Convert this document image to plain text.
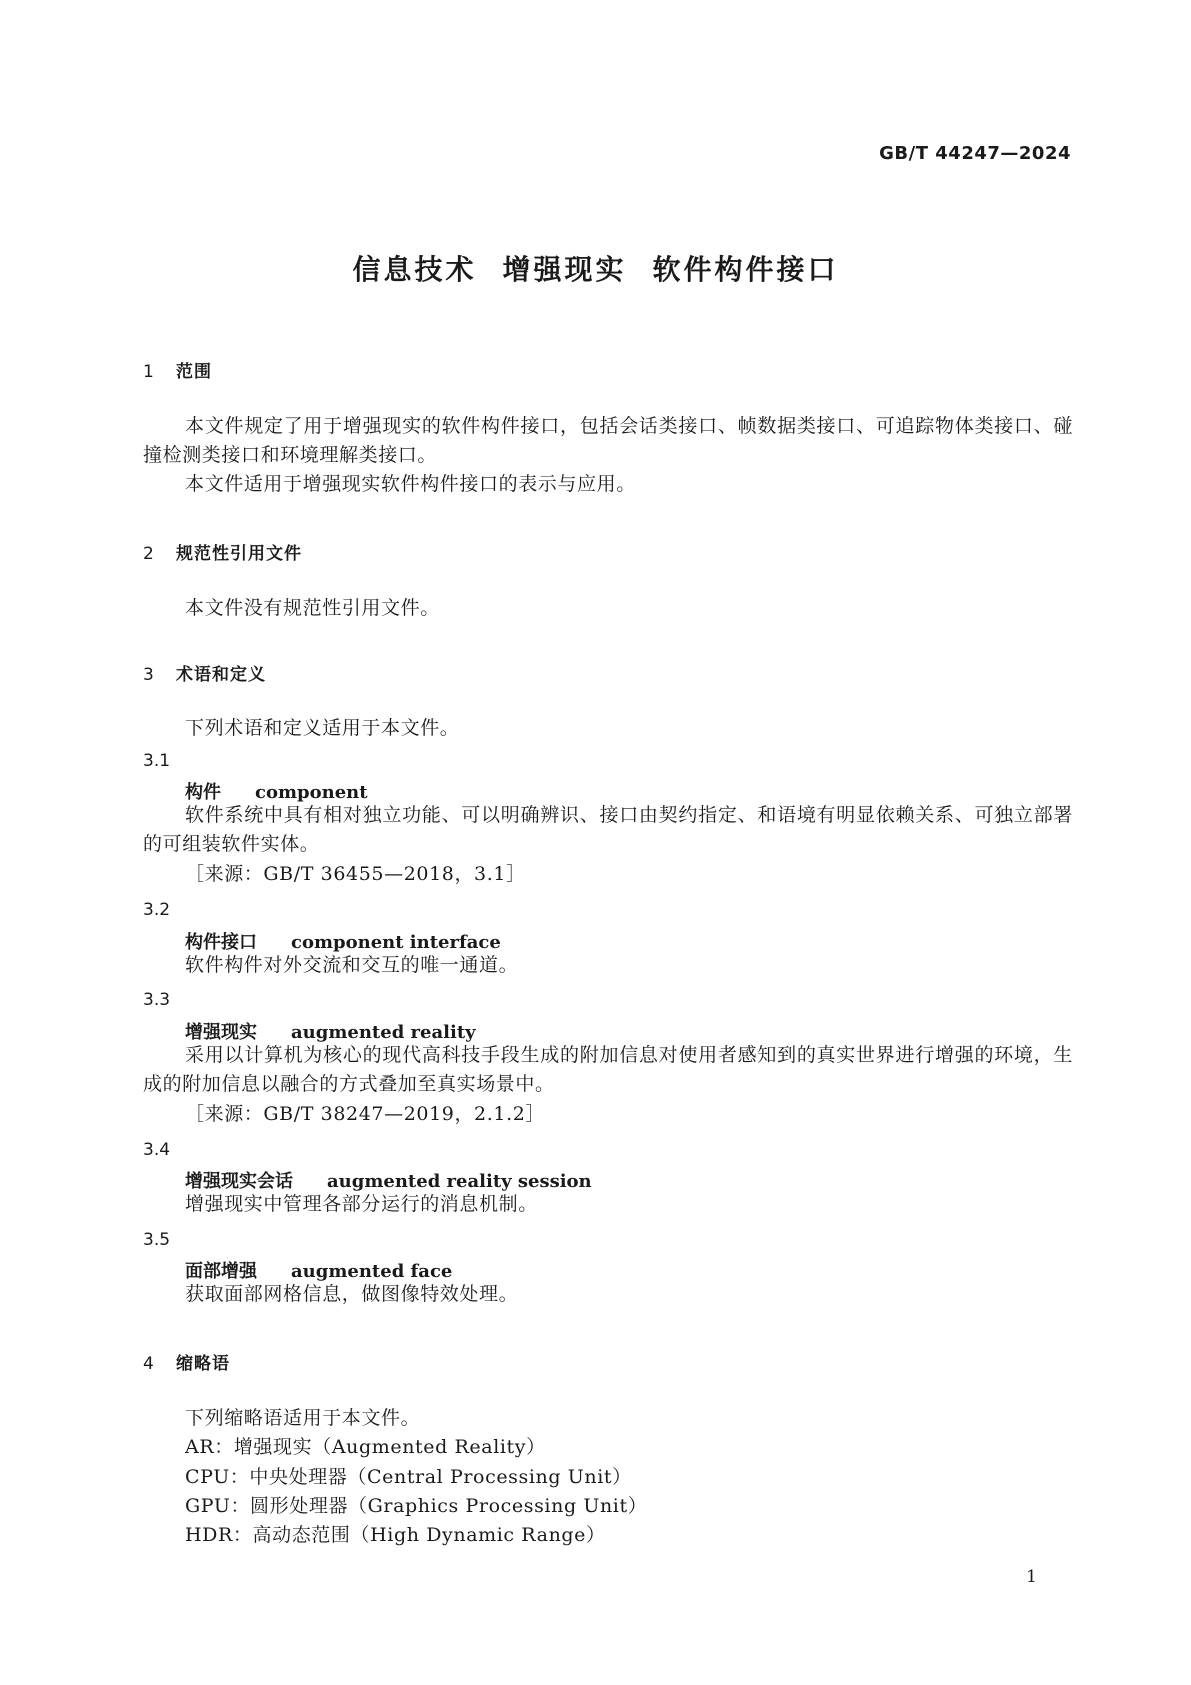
GB/T 44247—2024
信息技术 增强现实 软件构件接口
1 范围

本文件规定了用于增强现实的软件构件接口，包括会话类接口、帧数据类接口、可追踪物体类接口、碰撞检测类接口和环境理解类接口。

本文件适用于增强现实软件构件接口的表示与应用。

2 规范性引用文件

本文件没有规范性引用文件。

3 术语和定义

下列术语和定义适用于本文件。

3.1
构件 component

软件系统中具有相对独立功能、可以明确辨识、接口由契约指定、和语境有明显依赖关系、可独立部署的可组装软件实体。

［来源：GB/T 36455—2018，3.1］

3.2
构件接口 component interface

软件构件对外交流和交互的唯一通道。

3.3
增强现实 augmented reality

采用以计算机为核心的现代高科技手段生成的附加信息对使用者感知到的真实世界进行增强的环境，生成的附加信息以融合的方式叠加至真实场景中。

［来源：GB/T 38247—2019，2.1.2］

3.4
增强现实会话 augmented reality session

增强现实中管理各部分运行的消息机制。

3.5
面部增强 augmented face

获取面部网格信息，做图像特效处理。

4 缩略语

下列缩略语适用于本文件。

AR：增强现实（Augmented Reality）

CPU：中央处理器（Central Processing Unit）

GPU：圆形处理器（Graphics Processing Unit）

HDR：高动态范围（High Dynamic Range）

1
